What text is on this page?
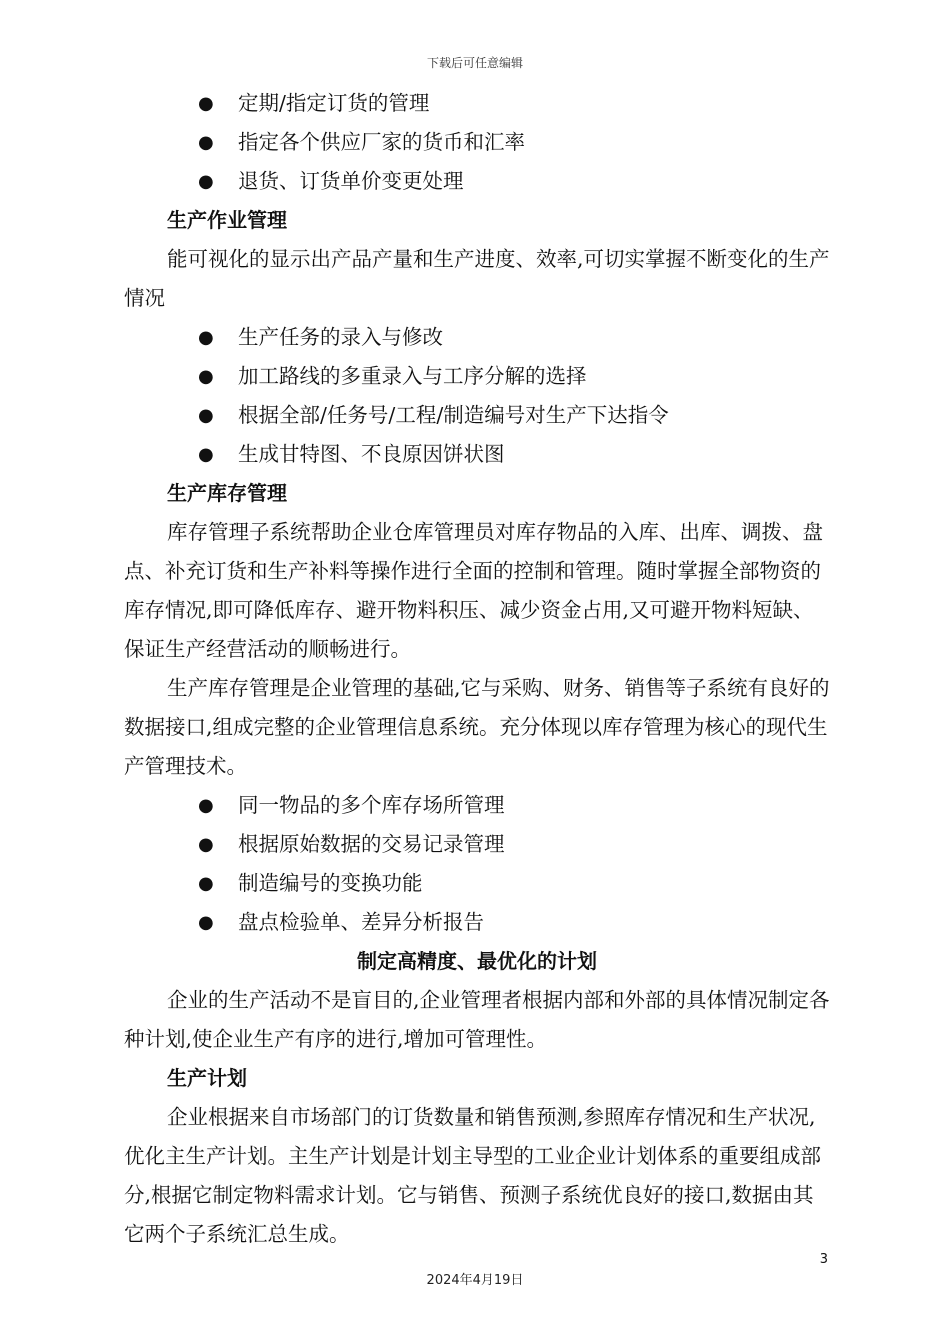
下载后可任意编辑
● 定期/指定订货的管理
● 指定各个供应厂家的货币和汇率
● 退货、订货单价变更处理
生产作业管理
能可视化的显示出产品产量和生产进度、效率,可切实掌握不断变化的生产情况
● 生产任务的录入与修改
● 加工路线的多重录入与工序分解的选择
● 根据全部/任务号/工程/制造编号对生产下达指令
● 生成甘特图、不良原因饼状图
生产库存管理
库存管理子系统帮助企业仓库管理员对库存物品的入库、出库、调拨、盘点、补充订货和生产补料等操作进行全面的控制和管理。随时掌握全部物资的库存情况,即可降低库存、避开物料积压、减少资金占用,又可避开物料短缺、保证生产经营活动的顺畅进行。
生产库存管理是企业管理的基础,它与采购、财务、销售等子系统有良好的数据接口,组成完整的企业管理信息系统。充分体现以库存管理为核心的现代生产管理技术。
● 同一物品的多个库存场所管理
● 根据原始数据的交易记录管理
● 制造编号的变换功能
● 盘点检验单、差异分析报告
制定高精度、最优化的计划
企业的生产活动不是盲目的,企业管理者根据内部和外部的具体情况制定各种计划,使企业生产有序的进行,增加可管理性。
生产计划
企业根据来自市场部门的订货数量和销售预测,参照库存情况和生产状况,优化主生产计划。主生产计划是计划主导型的工业企业计划体系的重要组成部分,根据它制定物料需求计划。它与销售、预测子系统优良好的接口,数据由其它两个子系统汇总生成。
3
2024年4月19日
